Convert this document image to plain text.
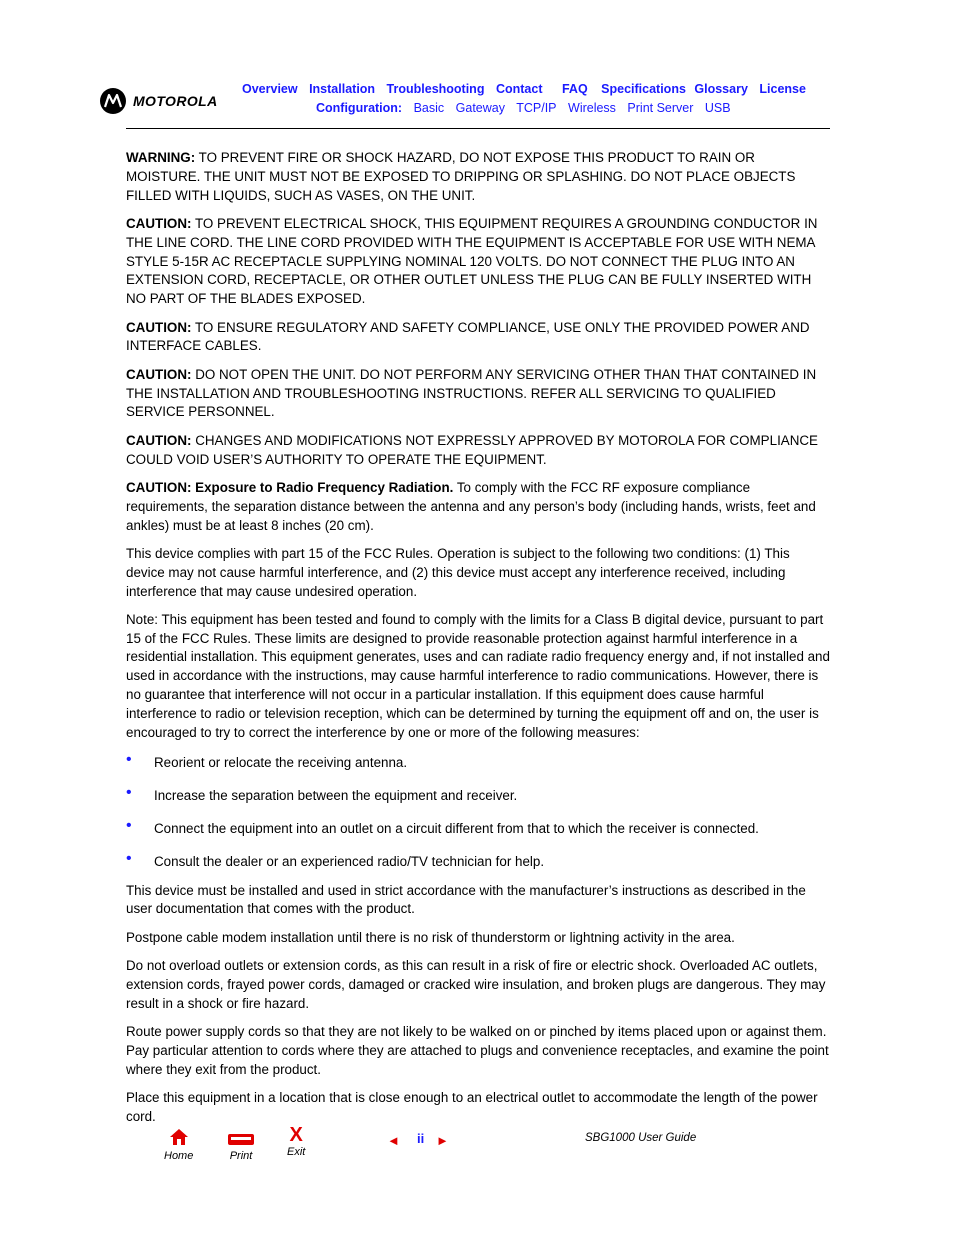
MOTOROLA
Overview Installation Troubleshooting Contact FAQ Specifications Glossary License
Configuration: Basic Gateway TCP/IP Wireless Print Server USB

WARNING: TO PREVENT FIRE OR SHOCK HAZARD, DO NOT EXPOSE THIS PRODUCT TO RAIN OR MOISTURE. THE UNIT MUST NOT BE EXPOSED TO DRIPPING OR SPLASHING. DO NOT PLACE OBJECTS FILLED WITH LIQUIDS, SUCH AS VASES, ON THE UNIT.

CAUTION: TO PREVENT ELECTRICAL SHOCK, THIS EQUIPMENT REQUIRES A GROUNDING CONDUCTOR IN THE LINE CORD. THE LINE CORD PROVIDED WITH THE EQUIPMENT IS ACCEPTABLE FOR USE WITH NEMA STYLE 5-15R AC RECEPTACLE SUPPLYING NOMINAL 120 VOLTS. DO NOT CONNECT THE PLUG INTO AN EXTENSION CORD, RECEPTACLE, OR OTHER OUTLET UNLESS THE PLUG CAN BE FULLY INSERTED WITH NO PART OF THE BLADES EXPOSED.

CAUTION: TO ENSURE REGULATORY AND SAFETY COMPLIANCE, USE ONLY THE PROVIDED POWER AND INTERFACE CABLES.

CAUTION: DO NOT OPEN THE UNIT. DO NOT PERFORM ANY SERVICING OTHER THAN THAT CONTAINED IN THE INSTALLATION AND TROUBLESHOOTING INSTRUCTIONS. REFER ALL SERVICING TO QUALIFIED SERVICE PERSONNEL.

CAUTION: CHANGES AND MODIFICATIONS NOT EXPRESSLY APPROVED BY MOTOROLA FOR COMPLIANCE COULD VOID USER’S AUTHORITY TO OPERATE THE EQUIPMENT.

CAUTION: Exposure to Radio Frequency Radiation. To comply with the FCC RF exposure compliance requirements, the separation distance between the antenna and any person’s body (including hands, wrists, feet and ankles) must be at least 8 inches (20 cm).

This device complies with part 15 of the FCC Rules. Operation is subject to the following two conditions: (1) This device may not cause harmful interference, and (2) this device must accept any interference received, including interference that may cause undesired operation.

Note: This equipment has been tested and found to comply with the limits for a Class B digital device, pursuant to part 15 of the FCC Rules. These limits are designed to provide reasonable protection against harmful interference in a residential installation. This equipment generates, uses and can radiate radio frequency energy and, if not installed and used in accordance with the instructions, may cause harmful interference to radio communications. However, there is no guarantee that interference will not occur in a particular installation. If this equipment does cause harmful interference to radio or television reception, which can be determined by turning the equipment off and on, the user is encouraged to try to correct the interference by one or more of the following measures:

• Reorient or relocate the receiving antenna.
• Increase the separation between the equipment and receiver.
• Connect the equipment into an outlet on a circuit different from that to which the receiver is connected.
• Consult the dealer or an experienced radio/TV technician for help.

This device must be installed and used in strict accordance with the manufacturer’s instructions as described in the user documentation that comes with the product.

Postpone cable modem installation until there is no risk of thunderstorm or lightning activity in the area.

Do not overload outlets or extension cords, as this can result in a risk of fire or electric shock. Overloaded AC outlets, extension cords, frayed power cords, damaged or cracked wire insulation, and broken plugs are dangerous. They may result in a shock or fire hazard.

Route power supply cords so that they are not likely to be walked on or pinched by items placed upon or against them. Pay particular attention to cords where they are attached to plugs and convenience receptacles, and examine the point where they exit from the product.

Place this equipment in a location that is close enough to an electrical outlet to accommodate the length of the power cord.

Home	Print
X
Exit
◄ ii ►	SBG1000 User Guide
